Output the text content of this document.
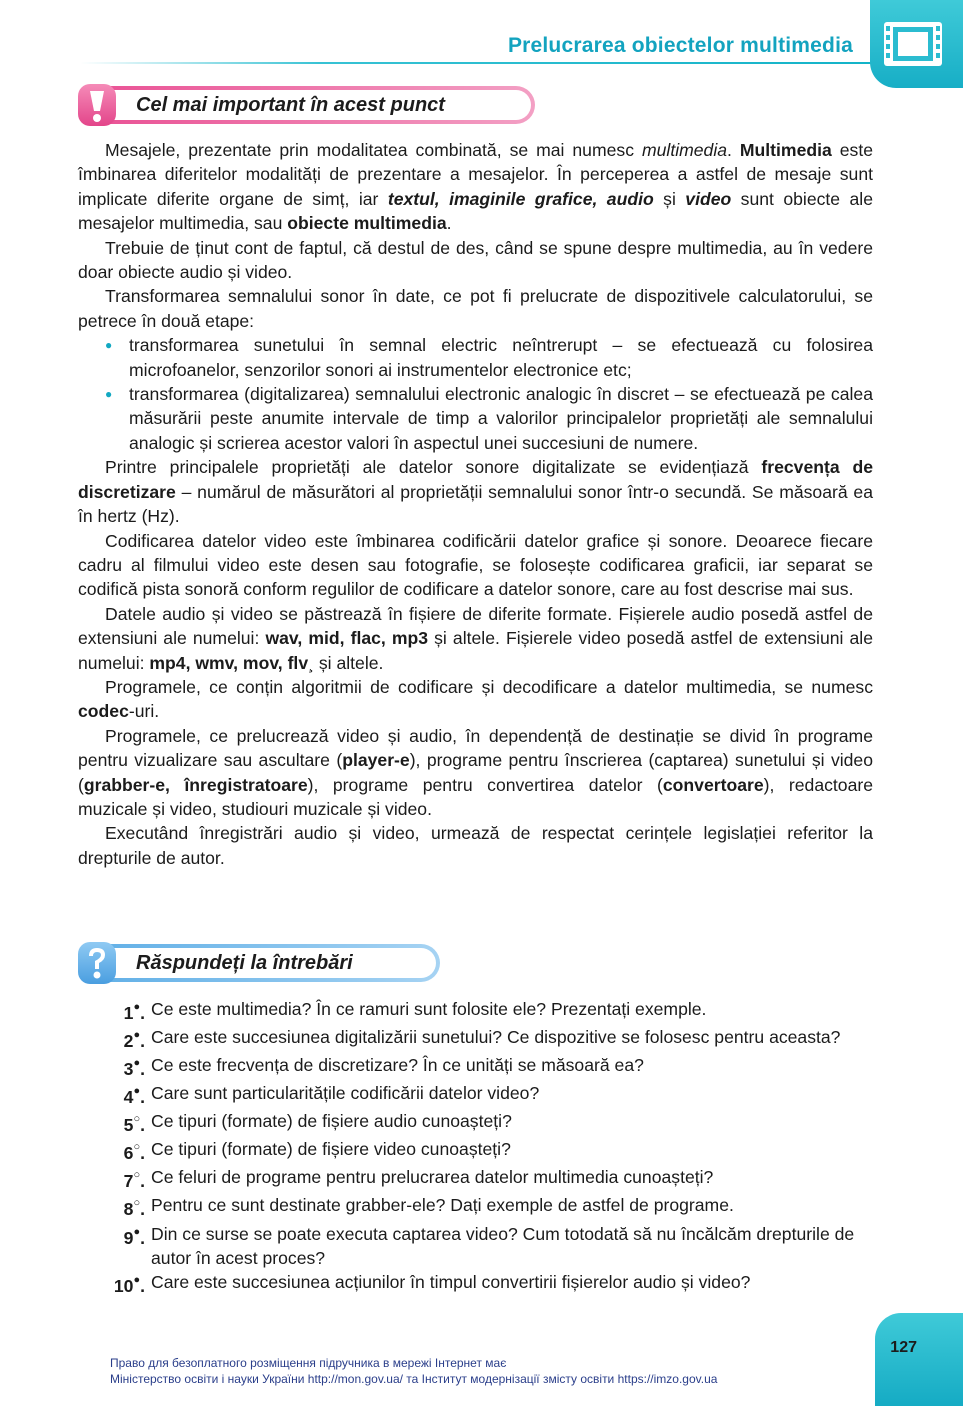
Prelucrarea obiectelor multimedia
Cel mai important în acest punct

Mesajele, prezentate prin modalitatea combinată, se mai numesc multimedia. Multimedia este îmbinarea diferitelor modalități de prezentare a mesajelor. În perceperea a astfel de mesaje sunt implicate diferite organe de simț, iar textul, imaginile grafice, audio și video sunt obiecte ale mesajelor multimedia, sau obiecte multimedia.

Trebuie de ținut cont de faptul, că destul de des, când se spune despre multimedia, au în vedere doar obiecte audio și video.

Transformarea semnalului sonor în date, ce pot fi prelucrate de dispozitivele calculatorului, se petrece în două etape:

● transformarea sunetului în semnal electric neîntrerupt – se efectuează cu folosirea microfoanelor, senzorilor sonori ai instrumentelor electronice etc;
● transformarea (digitalizarea) semnalului electronic analogic în discret – se efectuează pe calea măsurării peste anumite intervale de timp a valorilor principalelor proprietăți ale semnalului analogic și scrierea acestor valori în aspectul unei succesiuni de numere.

Printre principalele proprietăți ale datelor sonore digitalizate se evidențiază frecvența de discretizare – numărul de măsurători al proprietății semnalului sonor într-o secundă. Se măsoară ea în hertz (Hz).

Codificarea datelor video este îmbinarea codificării datelor grafice și sonore. Deoarece fiecare cadru al filmului video este desen sau fotografie, se folosește codificarea graficii, iar separat se codifică pista sonoră conform regulilor de codificare a datelor sonore, care au fost descrise mai sus.

Datele audio și video se păstrează în fișiere de diferite formate. Fișierele audio posedă astfel de extensiuni ale numelui: wav, mid, flac, mp3 și altele. Fișierele video posedă astfel de extensiuni ale numelui: mp4, wmv, mov, flv¸ și altele.

Programele, ce conțin algoritmii de codificare și decodificare a datelor multimedia, se numesc codec-uri.

Programele, ce prelucrează video și audio, în dependență de destinație se divid în programe pentru vizualizare sau ascultare (player-e), programe pentru înscrierea (captarea) sunetului și video (grabber-e, înregistratoare), programe pentru convertirea datelor (convertoare), redactoare muzicale și video, studiouri muzicale și video.

Executând înregistrări audio și video, urmează de respectat cerințele legislației referitor la drepturile de autor.

Răspundeți la întrebări
1●. Ce este multimedia? În ce ramuri sunt folosite ele? Prezentați exemple.
2●. Care este succesiunea digitalizării sunetului? Ce dispozitive se folosesc pentru aceasta?
3●. Ce este frecvența de discretizare? În ce unități se măsoară ea?
4●. Care sunt particularitățile codificării datelor video?
5○. Ce tipuri (formate) de fișiere audio cunoașteți?
6○. Ce tipuri (formate) de fișiere video cunoașteți?
7○. Ce feluri de programe pentru prelucrarea datelor multimedia cunoașteți?
8○. Pentru ce sunt destinate grabber-ele? Dați exemple de astfel de programe.
9●. Din ce surse se poate executa captarea video? Cum totodată să nu încălcăm drepturile de autor în acest proces?
10●. Care este succesiunea acțiunilor în timpul convertirii fișierelor audio și video?
127
Право для безоплатного розміщення підручника в мережі Інтернет має
Міністерство освіти і науки України http://mon.gov.ua/ та Інститут модернізації змісту освіти https://imzo.gov.ua
